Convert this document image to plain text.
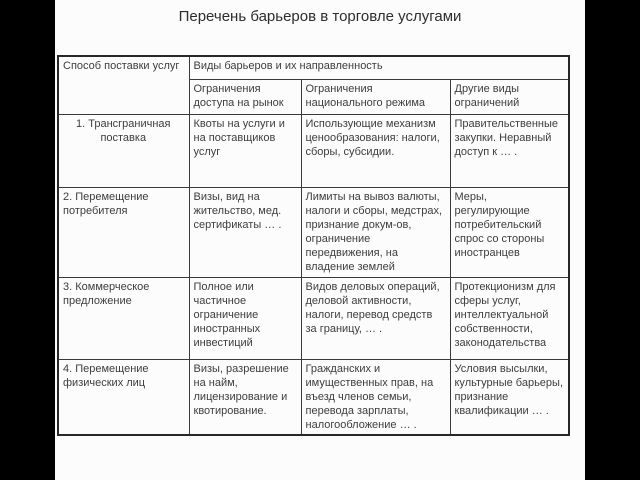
Перечень барьеров в торговле услугами
Способ поставки услуг	Виды барьеров и их направленность		
	Ограничения доступа на рынок	Ограничения национального режима	Другие виды ограничений
1. Трансграничная поставка	Квоты на услуги и на поставщиков услуг	Использующие механизм ценообразования: налоги, сборы, субсидии.	Правительственные закупки. Неравный доступ к … .
2. Перемещение потребителя	Визы, вид на жительство, мед. сертификаты … .	Лимиты на вывоз валюты, налоги и сборы, медстрах, признание докум-ов, ограничение передвижения, на владение землей	Меры, регулирующие потребительский спрос со стороны иностранцев
3. Коммерческое предложение	Полное или частичное ограничение иностранных инвестиций	Видов деловых операций, деловой активности, налоги, перевод средств за границу, … .	Протекционизм для сферы услуг, интеллектуальной собственности, законодательства
4. Перемещение физических лиц	Визы, разрешение на найм, лицензирование и квотирование.	Гражданских и имущественных прав, на въезд членов семьи, перевода зарплаты, налогообложение … .	Условия высылки, культурные барьеры, признание квалификации … .
